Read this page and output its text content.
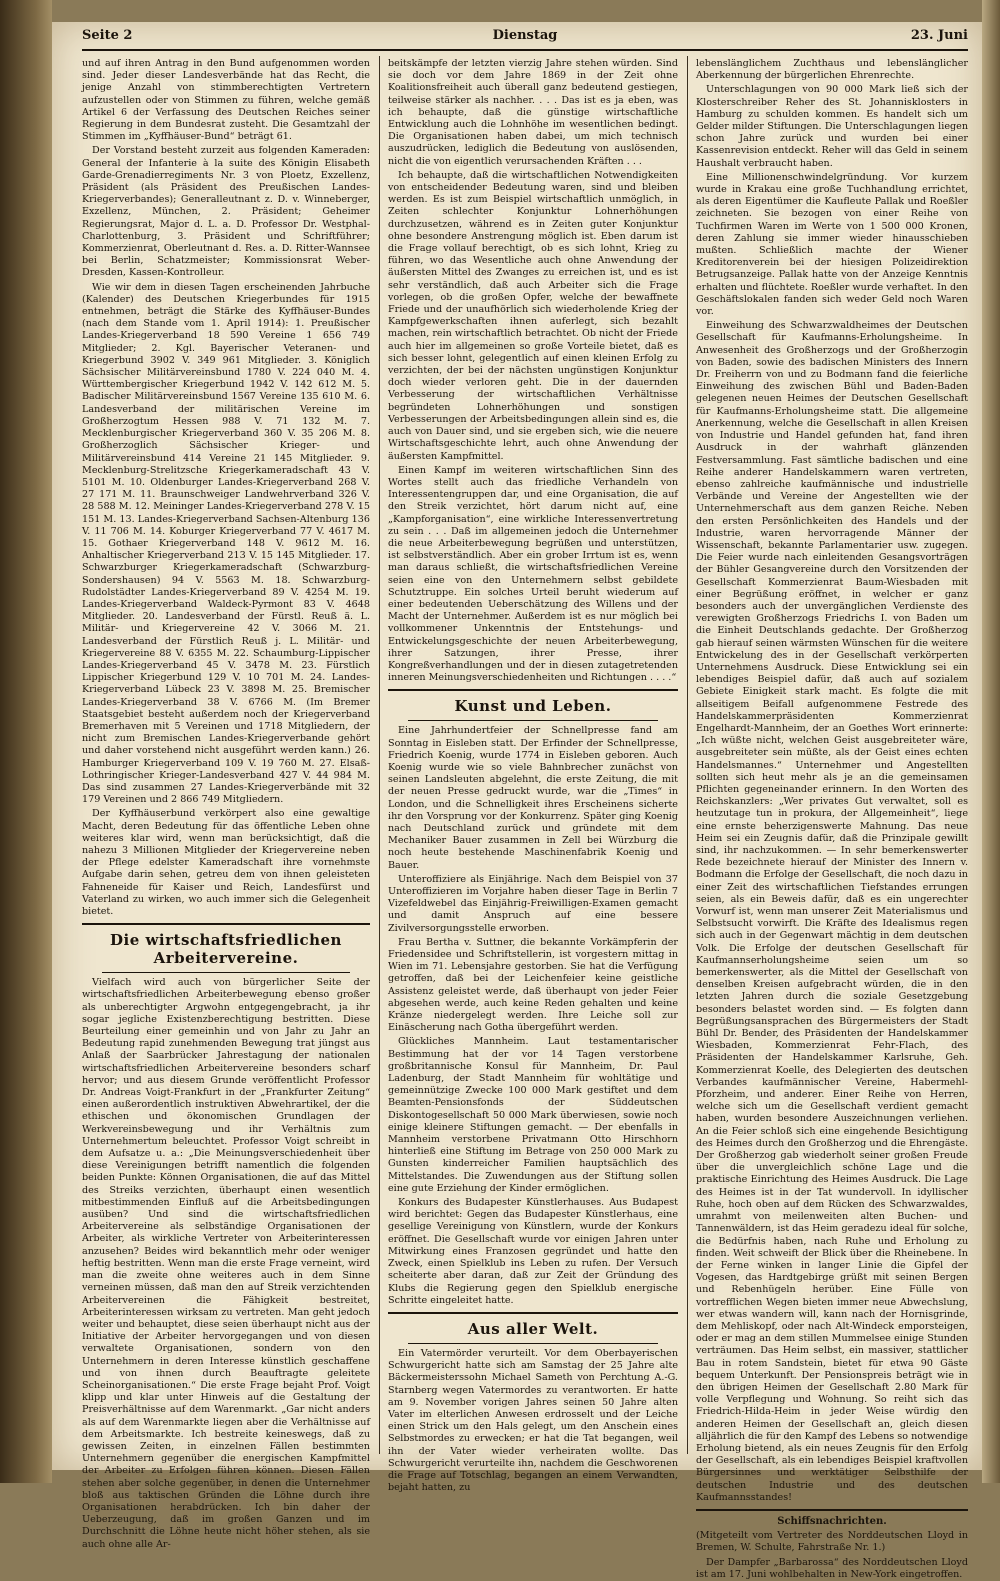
Seite 2	Dienstag	23. Juni

und auf ihren Antrag in den Bund aufgenommen worden sind. Jeder dieser Landesverbände hat das Recht, die jenige Anzahl von stimmberechtigten Vertretern aufzustellen oder von Stimmen zu führen, welche gemäß Artikel 6 der Verfassung des Deutschen Reiches seiner Regierung in dem Bundesrat zusteht. Die Gesamtzahl der Stimmen im „Kyffhäuser-Bund“ beträgt 61.

Der Vorstand besteht zurzeit aus folgenden Kameraden: General der Infanterie à la suite des Königin Elisabeth Garde-Grenadierregiments Nr. 3 von Ploetz, Exzellenz, Präsident (als Präsident des Preußischen Landes-Kriegerverbandes); Generalleutnant z. D. v. Winneberger, Exzellenz, München, 2. Präsident; Geheimer Regierungsrat, Major d. L. a. D. Professor Dr. Westphal-Charlottenburg, 3. Präsident und Schriftführer; Kommerzienrat, Oberleutnant d. Res. a. D. Ritter-Wannsee bei Berlin, Schatzmeister; Kommissionsrat Weber-Dresden, Kassen-Kontrolleur.

Wie wir dem in diesen Tagen erscheinenden Jahrbuche (Kalender) des Deutschen Kriegerbundes für 1915 entnehmen, beträgt die Stärke des Kyffhäuser-Bundes (nach dem Stande vom 1. April 1914): 1. Preußischer Landes-Kriegerverband 18 590 Vereine 1 656 749 Mitglieder; 2. Kgl. Bayerischer Veteranen- und Kriegerbund 3902 V. 349 961 Mitglieder. 3. Königlich Sächsischer Militärvereinsbund 1780 V. 224 040 M. 4. Württembergischer Kriegerbund 1942 V. 142 612 M. 5. Badischer Militärvereinsbund 1567 Vereine 135 610 M. 6. Landesverband der militärischen Vereine im Großherzogtum Hessen 988 V. 71 132 M. 7. Mecklenburgischer Kriegerverband 360 V. 35 206 M. 8. Großherzoglich Sächsischer Krieger- und Militärvereinsbund 414 Vereine 21 145 Mitglieder. 9. Mecklenburg-Strelitzsche Kriegerkameradschaft 43 V. 5101 M. 10. Oldenburger Landes-Kriegerverband 268 V. 27 171 M. 11. Braunschweiger Landwehrverband 326 V. 28 588 M. 12. Meininger Landes-Kriegerverband 278 V. 15 151 M. 13. Landes-Kriegerverband Sachsen-Altenburg 136 V. 11 706 M. 14. Koburger Kriegerverband 77 V. 4617 M. 15. Gothaer Kriegerverband 148 V. 9612 M. 16. Anhaltischer Kriegerverband 213 V. 15 145 Mitglieder. 17. Schwarzburger Kriegerkameradschaft (Schwarzburg-Sondershausen) 94 V. 5563 M. 18. Schwarzburg-Rudolstädter Landes-Kriegerverband 89 V. 4254 M. 19. Landes-Kriegerverband Waldeck-Pyrmont 83 V. 4648 Mitglieder. 20. Landesverband der Fürstl. Reuß ä. L. Militär- und Kriegervereine 42 V. 3066 M. 21. Landesverband der Fürstlich Reuß j. L. Militär- und Kriegervereine 88 V. 6355 M. 22. Schaumburg-Lippischer Landes-Kriegerverband 45 V. 3478 M. 23. Fürstlich Lippischer Kriegerbund 129 V. 10 701 M. 24. Landes-Kriegerverband Lübeck 23 V. 3898 M. 25. Bremischer Landes-Kriegerverband 38 V. 6766 M. (Im Bremer Staatsgebiet besteht außerdem noch der Kriegerverband Bremerhaven mit 5 Vereinen und 1718 Mitgliedern, der nicht zum Bremischen Landes-Kriegerverbande gehört und daher vorstehend nicht ausgeführt werden kann.) 26. Hamburger Kriegerverband 109 V. 19 760 M. 27. Elsaß-Lothringischer Krieger-Landesverband 427 V. 44 984 M. Das sind zusammen 27 Landes-Kriegerverbände mit 32 179 Vereinen und 2 866 749 Mitgliedern.

Der Kyffhäuserbund verkörpert also eine gewaltige Macht, deren Bedeutung für das öffentliche Leben ohne weiteres klar wird, wenn man berücksichtigt, daß die nahezu 3 Millionen Mitglieder der Kriegervereine neben der Pflege edelster Kameradschaft ihre vornehmste Aufgabe darin sehen, getreu dem von ihnen geleisteten Fahneneide für Kaiser und Reich, Landesfürst und Vaterland zu wirken, wo auch immer sich die Gelegenheit bietet.

Die wirtschaftsfriedlichen Arbeitervereine.

Vielfach wird auch von bürgerlicher Seite der wirtschaftsfriedlichen Arbeiterbewegung ebenso großer als unberechtigter Argwohn entgegengebracht, ja ihr sogar jegliche Existenzberechtigung bestritten. Diese Beurteilung einer gemeinhin und von Jahr zu Jahr an Bedeutung rapid zunehmenden Bewegung trat jüngst aus Anlaß der Saarbrücker Jahrestagung der nationalen wirtschaftsfriedlichen Arbeitervereine besonders scharf hervor; und aus diesem Grunde veröffentlicht Professor Dr. Andreas Voigt-Frankfurt in der „Frankfurter Zeitung“ einen außerordentlich instruktiven Abwehrartikel, der die ethischen und ökonomischen Grundlagen der Werkvereinsbewegung und ihr Verhältnis zum Unternehmertum beleuchtet. Professor Voigt schreibt in dem Aufsatze u. a.: „Die Meinungsverschiedenheit über diese Vereinigungen betrifft namentlich die folgenden beiden Punkte: Können Organisationen, die auf das Mittel des Streiks verzichten, überhaupt einen wesentlich mitbestimmenden Einfluß auf die Arbeitsbedingungen ausüben? Und sind die wirtschaftsfriedlichen Arbeitervereine als selbständige Organisationen der Arbeiter, als wirkliche Vertreter von Arbeiterinteressen anzusehen? Beides wird bekanntlich mehr oder weniger heftig bestritten. Wenn man die erste Frage verneint, wird man die zweite ohne weiteres auch in dem Sinne verneinen müssen, daß man den auf Streik verzichtenden Arbeitervereinen die Fähigkeit bestreitet, Arbeiterinteressen wirksam zu vertreten. Man geht jedoch weiter und behauptet, diese seien überhaupt nicht aus der Initiative der Arbeiter hervorgegangen und von diesen verwaltete Organisationen, sondern von den Unternehmern in deren Interesse künstlich geschaffene und von ihnen durch Beauftragte geleitete Scheinorganisationen.“ Die erste Frage bejaht Prof. Voigt klipp und klar unter Hinweis auf die Gestaltung der Preisverhältnisse auf dem Warenmarkt. „Gar nicht anders als auf dem Warenmarkte liegen aber die Verhältnisse auf dem Arbeitsmarkte. Ich bestreite keineswegs, daß zu gewissen Zeiten, in einzelnen Fällen bestimmten Unternehmern gegenüber die energischen Kampfmittel der Arbeiter zu Erfolgen führen können. Diesen Fällen stehen aber solche gegenüber, in denen die Unternehmer bloß aus taktischen Gründen die Löhne durch ihre Organisationen herabdrücken. Ich bin daher der Ueberzeugung, daß im großen Ganzen und im Durchschnitt die Löhne heute nicht höher stehen, als sie auch ohne alle Ar-

beitskämpfe der letzten vierzig Jahre stehen würden. Sind sie doch vor dem Jahre 1869 in der Zeit ohne Koalitionsfreiheit auch überall ganz bedeutend gestiegen, teilweise stärker als nachher. . . . Das ist es ja eben, was ich behaupte, daß die günstige wirtschaftliche Entwicklung auch die Lohnhöhe im wesentlichen bedingt. Die Organisationen haben dabei, um mich technisch auszudrücken, lediglich die Bedeutung von auslösenden, nicht die von eigentlich verursachenden Kräften . . .

Ich behaupte, daß die wirtschaftlichen Notwendigkeiten von entscheidender Bedeutung waren, sind und bleiben werden. Es ist zum Beispiel wirtschaftlich unmöglich, in Zeiten schlechter Konjunktur Lohnerhöhungen durchzusetzen, während es in Zeiten guter Konjunktur ohne besondere Anstrengung möglich ist. Eben darum ist die Frage vollauf berechtigt, ob es sich lohnt, Krieg zu führen, wo das Wesentliche auch ohne Anwendung der äußersten Mittel des Zwanges zu erreichen ist, und es ist sehr verständlich, daß auch Arbeiter sich die Frage vorlegen, ob die großen Opfer, welche der bewaffnete Friede und der unaufhörlich sich wiederholende Krieg der Kampfgewerkschaften ihnen auferlegt, sich bezahlt machen, rein wirtschaftlich betrachtet. Ob nicht der Friede auch hier im allgemeinen so große Vorteile bietet, daß es sich besser lohnt, gelegentlich auf einen kleinen Erfolg zu verzichten, der bei der nächsten ungünstigen Konjunktur doch wieder verloren geht. Die in der dauernden Verbesserung der wirtschaftlichen Verhältnisse begründeten Lohnerhöhungen und sonstigen Verbesserungen der Arbeitsbedingungen allein sind es, die auch von Dauer sind, und sie ergeben sich, wie die neuere Wirtschaftsgeschichte lehrt, auch ohne Anwendung der äußersten Kampfmittel.

Einen Kampf im weiteren wirtschaftlichen Sinn des Wortes stellt auch das friedliche Verhandeln von Interessentengruppen dar, und eine Organisation, die auf den Streik verzichtet, hört darum nicht auf, eine „Kampforganisation“, eine wirkliche Interessenvertretung zu sein . . . Daß im allgemeinen jedoch die Unternehmer die neue Arbeiterbewegung begrüßen und unterstützen, ist selbstverständlich. Aber ein grober Irrtum ist es, wenn man daraus schließt, die wirtschaftsfriedlichen Vereine seien eine von den Unternehmern selbst gebildete Schutztruppe. Ein solches Urteil beruht wiederum auf einer bedeutenden Ueberschätzung des Willens und der Macht der Unternehmer. Außerdem ist es nur möglich bei vollkommener Unkenntnis der Entstehungs- und Entwickelungsgeschichte der neuen Arbeiterbewegung, ihrer Satzungen, ihrer Presse, ihrer Kongreßverhandlungen und der in diesen zutagetretenden inneren Meinungsverschiedenheiten und Richtungen . . . .“

Kunst und Leben.

Eine Jahrhundertfeier der Schnellpresse fand am Sonntag in Eisleben statt. Der Erfinder der Schnellpresse, Friedrich Koenig, wurde 1774 in Eisleben geboren. Auch Koenig wurde wie so viele Bahnbrecher zunächst von seinen Landsleuten abgelehnt, die erste Zeitung, die mit der neuen Presse gedruckt wurde, war die „Times“ in London, und die Schnelligkeit ihres Erscheinens sicherte ihr den Vorsprung vor der Konkurrenz. Später ging Koenig nach Deutschland zurück und gründete mit dem Mechaniker Bauer zusammen in Zell bei Würzburg die noch heute bestehende Maschinenfabrik Koenig und Bauer.

Unteroffiziere als Einjährige. Nach dem Beispiel von 37 Unteroffizieren im Vorjahre haben dieser Tage in Berlin 7 Vizefeldwebel das Einjährig-Freiwilligen-Examen gemacht und damit Anspruch auf eine bessere Zivilversorgungsstelle erworben.

Frau Bertha v. Suttner, die bekannte Vorkämpferin der Friedensidee und Schriftstellerin, ist vorgestern mittag in Wien im 71. Lebensjahre gestorben. Sie hat die Verfügung getroffen, daß bei der Leichenfeier keine geistliche Assistenz geleistet werde, daß überhaupt von jeder Feier abgesehen werde, auch keine Reden gehalten und keine Kränze niedergelegt werden. Ihre Leiche soll zur Einäscherung nach Gotha übergeführt werden.

Glückliches Mannheim. Laut testamentarischer Bestimmung hat der vor 14 Tagen verstorbene großbritannische Konsul für Mannheim, Dr. Paul Ladenburg, der Stadt Mannheim für wohltätige und gemeinnützige Zwecke 100 000 Mark gestiftet und dem Beamten-Pensionsfonds der Süddeutschen Diskontogesellschaft 50 000 Mark überwiesen, sowie noch einige kleinere Stiftungen gemacht. — Der ebenfalls in Mannheim verstorbene Privatmann Otto Hirschhorn hinterließ eine Stiftung im Betrage von 250 000 Mark zu Gunsten kinderreicher Familien hauptsächlich des Mittelstandes. Die Zuwendungen aus der Stiftung sollen eine gute Erziehung der Kinder ermöglichen.

Konkurs des Budapester Künstlerhauses. Aus Budapest wird berichtet: Gegen das Budapester Künstlerhaus, eine gesellige Vereinigung von Künstlern, wurde der Konkurs eröffnet. Die Gesellschaft wurde vor einigen Jahren unter Mitwirkung eines Franzosen gegründet und hatte den Zweck, einen Spielklub ins Leben zu rufen. Der Versuch scheiterte aber daran, daß zur Zeit der Gründung des Klubs die Regierung gegen den Spielklub energische Schritte eingeleitet hatte.

Aus aller Welt.

Ein Vatermörder verurteilt. Vor dem Oberbayerischen Schwurgericht hatte sich am Samstag der 25 Jahre alte Bäckermeisterssohn Michael Sameth von Perchtung A.-G. Starnberg wegen Vatermordes zu verantworten. Er hatte am 9. November vorigen Jahres seinen 50 Jahre alten Vater im elterlichen Anwesen erdrosselt und der Leiche einen Strick um den Hals gelegt, um den Anschein eines Selbstmordes zu erwecken; er hat die Tat begangen, weil ihn der Vater wieder verheiraten wollte. Das Schwurgericht verurteilte ihn, nachdem die Geschworenen die Frage auf Totschlag, begangen an einem Verwandten, bejaht hatten, zu

lebenslänglichem Zuchthaus und lebenslänglicher Aberkennung der bürgerlichen Ehrenrechte.

Unterschlagungen von 90 000 Mark ließ sich der Klosterschreiber Reher des St. Johannisklosters in Hamburg zu schulden kommen. Es handelt sich um Gelder milder Stiftungen. Die Unterschlagungen liegen schon Jahre zurück und wurden bei einer Kassenrevision entdeckt. Reher will das Geld in seinem Haushalt verbraucht haben.

Eine Millionenschwindelgründung. Vor kurzem wurde in Krakau eine große Tuchhandlung errichtet, als deren Eigentümer die Kaufleute Pallak und Roeßler zeichneten. Sie bezogen von einer Reihe von Tuchfirmen Waren im Werte von 1 500 000 Kronen, deren Zahlung sie immer wieder hinausschieben mußten. Schließlich machte der Wiener Kreditorenverein bei der hiesigen Polizeidirektion Betrugsanzeige. Pallak hatte von der Anzeige Kenntnis erhalten und flüchtete. Roeßler wurde verhaftet. In den Geschäftslokalen fanden sich weder Geld noch Waren vor.

Einweihung des Schwarzwaldheimes der Deutschen Gesellschaft für Kaufmanns-Erholungsheime. In Anwesenheit des Großherzogs und der Großherzogin von Baden, sowie des badischen Ministers des Innern Dr. Freiherrn von und zu Bodmann fand die feierliche Einweihung des zwischen Bühl und Baden-Baden gelegenen neuen Heimes der Deutschen Gesellschaft für Kaufmanns-Erholungsheime statt. Die allgemeine Anerkennung, welche die Gesellschaft in allen Kreisen von Industrie und Handel gefunden hat, fand ihren Ausdruck in der wahrhaft glänzenden Festversammlung. Fast sämtliche badischen und eine Reihe anderer Handelskammern waren vertreten, ebenso zahlreiche kaufmännische und industrielle Verbände und Vereine der Angestellten wie der Unternehmerschaft aus dem ganzen Reiche. Neben den ersten Persönlichkeiten des Handels und der Industrie, waren hervorragende Männer der Wissenschaft, bekannte Parlamentarier usw. zugegen. Die Feier wurde nach einleitenden Gesangsvorträgen der Bühler Gesangvereine durch den Vorsitzenden der Gesellschaft Kommerzienrat Baum-Wiesbaden mit einer Begrüßung eröffnet, in welcher er ganz besonders auch der unvergänglichen Verdienste des verewigten Großherzogs Friedrichs I. von Baden um die Einheit Deutschlands gedachte. Der Großherzog gab hierauf seinen wärmsten Wünschen für die weitere Entwickelung des in der Gesellschaft verkörperten Unternehmens Ausdruck. Diese Entwicklung sei ein lebendiges Beispiel dafür, daß auch auf sozialem Gebiete Einigkeit stark macht. Es folgte die mit allseitigem Beifall aufgenommene Festrede des Handelskammerpräsidenten Kommerzienrat Engelhardt-Mannheim, der an Goethes Wort erinnerte: „Ich wüßte nicht, welchen Geist ausgebreiteter wäre, ausgebreiteter sein müßte, als der Geist eines echten Handelsmannes.“ Unternehmer und Angestellten sollten sich heut mehr als je an die gemeinsamen Pflichten gegeneinander erinnern. In den Worten des Reichskanzlers: „Wer privates Gut verwaltet, soll es heutzutage tun in prokura, der Allgemeinheit“, liege eine ernste beherzigenswerte Mahnung. Das neue Heim sei ein Zeugnis dafür, daß die Prinzipale gewillt sind, ihr nachzukommen. — In sehr bemerkenswerter Rede bezeichnete hierauf der Minister des Innern v. Bodmann die Erfolge der Gesellschaft, die noch dazu in einer Zeit des wirtschaftlichen Tiefstandes errungen seien, als ein Beweis dafür, daß es ein ungerechter Vorwurf ist, wenn man unserer Zeit Materialismus und Selbstsucht vorwirft. Die Kräfte des Idealismus regen sich auch in der Gegenwart mächtig in dem deutschen Volk. Die Erfolge der deutschen Gesellschaft für Kaufmannserholungsheime seien um so bemerkenswerter, als die Mittel der Gesellschaft von denselben Kreisen aufgebracht würden, die in den letzten Jahren durch die soziale Gesetzgebung besonders belastet worden sind. — Es folgten dann Begrüßungsansprachen des Bürgermeisters der Stadt Bühl Dr. Bender, des Präsidenten der Handelskammer Wiesbaden, Kommerzienrat Fehr-Flach, des Präsidenten der Handelskammer Karlsruhe, Geh. Kommerzienrat Koelle, des Delegierten des deutschen Verbandes kaufmännischer Vereine, Habermehl-Pforzheim, und anderer. Einer Reihe von Herren, welche sich um die Gesellschaft verdient gemacht haben, wurden besondere Auszeichnungen verliehen. An die Feier schloß sich eine eingehende Besichtigung des Heimes durch den Großherzog und die Ehrengäste. Der Großherzog gab wiederholt seiner großen Freude über die unvergleichlich schöne Lage und die praktische Einrichtung des Heimes Ausdruck. Die Lage des Heimes ist in der Tat wundervoll. In idyllischer Ruhe, hoch oben auf dem Rücken des Schwarzwaldes, umrahmt von meilenweiten alten Buchen- und Tannenwäldern, ist das Heim geradezu ideal für solche, die Bedürfnis haben, nach Ruhe und Erholung zu finden. Weit schweift der Blick über die Rheinebene. In der Ferne winken in langer Linie die Gipfel der Vogesen, das Hardtgebirge grüßt mit seinen Bergen und Rebenhügeln herüber. Eine Fülle von vortrefflichen Wegen bieten immer neue Abwechslung, wer etwas wandern will, kann nach der Hornisgrinde, dem Mehliskopf, oder nach Alt-Windeck emporsteigen, oder er mag an dem stillen Mummelsee einige Stunden verträumen. Das Heim selbst, ein massiver, stattlicher Bau in rotem Sandstein, bietet für etwa 90 Gäste bequem Unterkunft. Der Pensionspreis beträgt wie in den übrigen Heimen der Gesellschaft 2.80 Mark für volle Verpflegung und Wohnung. So reiht sich das Friedrich-Hilda-Heim in jeder Weise würdig den anderen Heimen der Gesellschaft an, gleich diesen alljährlich die für den Kampf des Lebens so notwendige Erholung bietend, als ein neues Zeugnis für den Erfolg der Gesellschaft, als ein lebendiges Beispiel kraftvollen Bürgersinnes und werktätiger Selbsthilfe der deutschen Industrie und des deutschen Kaufmannsstandes!

Schiffsnachrichten.

(Mitgeteilt vom Vertreter des Norddeutschen Lloyd in Bremen, W. Schulte, Fahrstraße Nr. 1.)

Der Dampfer „Barbarossa“ des Norddeutschen Lloyd ist am 17. Juni wohlbehalten in New-York eingetroffen.
